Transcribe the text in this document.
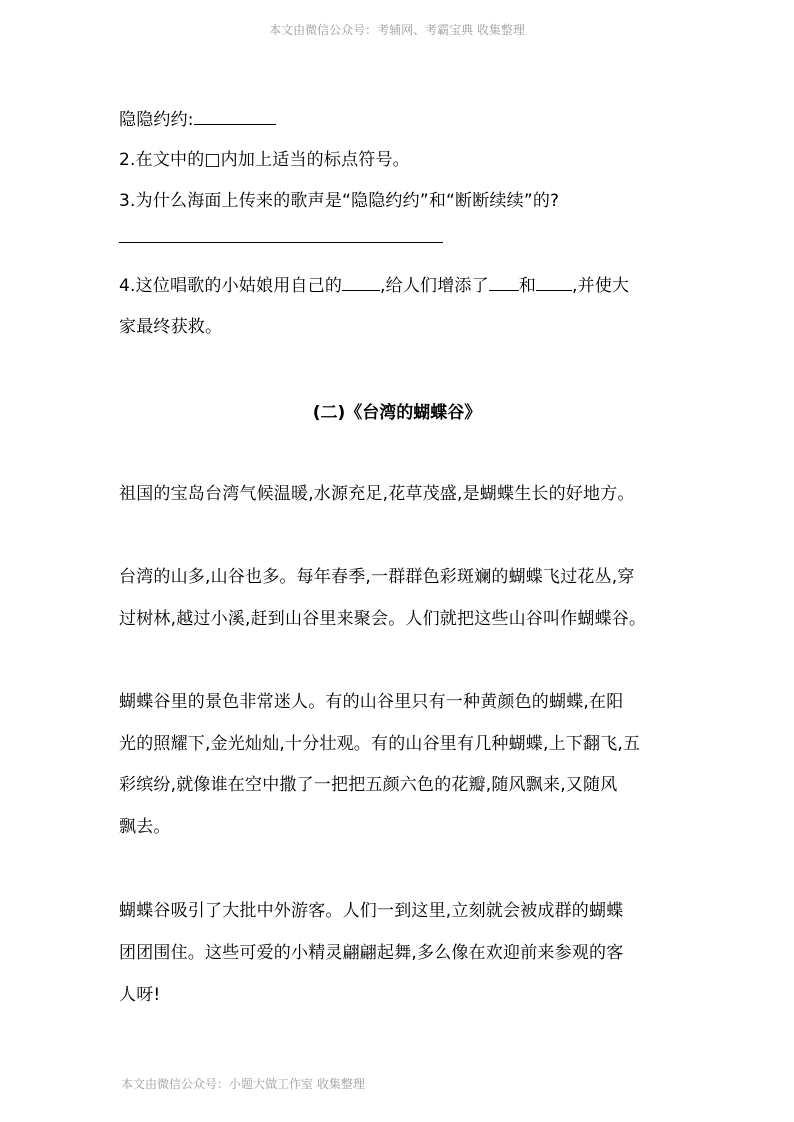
本文由微信公众号：考辅网、考霸宝典 收集整理
隐隐约约:
2.在文中的□内加上适当的标点符号。
3.为什么海面上传来的歌声是“隐隐约约”和“断断续续”的?
4.这位唱歌的小姑娘用自己的 ,给人们增添了 和 ,并使大
家最终获救。
(二)《台湾的蝴蝶谷》
祖国的宝岛台湾气候温暖,水源充足,花草茂盛,是蝴蝶生长的好地方。
台湾的山多,山谷也多。每年春季,一群群色彩斑斓的蝴蝶飞过花丛,穿
过树林,越过小溪,赶到山谷里来聚会。人们就把这些山谷叫作蝴蝶谷。
蝴蝶谷里的景色非常迷人。有的山谷里只有一种黄颜色的蝴蝶,在阳
光的照耀下,金光灿灿,十分壮观。有的山谷里有几种蝴蝶,上下翻飞,五
彩缤纷,就像谁在空中撒了一把把五颜六色的花瓣,随风飘来,又随风
飘去。
蝴蝶谷吸引了大批中外游客。人们一到这里,立刻就会被成群的蝴蝶
团团围住。这些可爱的小精灵翩翩起舞,多么像在欢迎前来参观的客
人呀!
本文由微信公众号：小题大做工作室 收集整理
